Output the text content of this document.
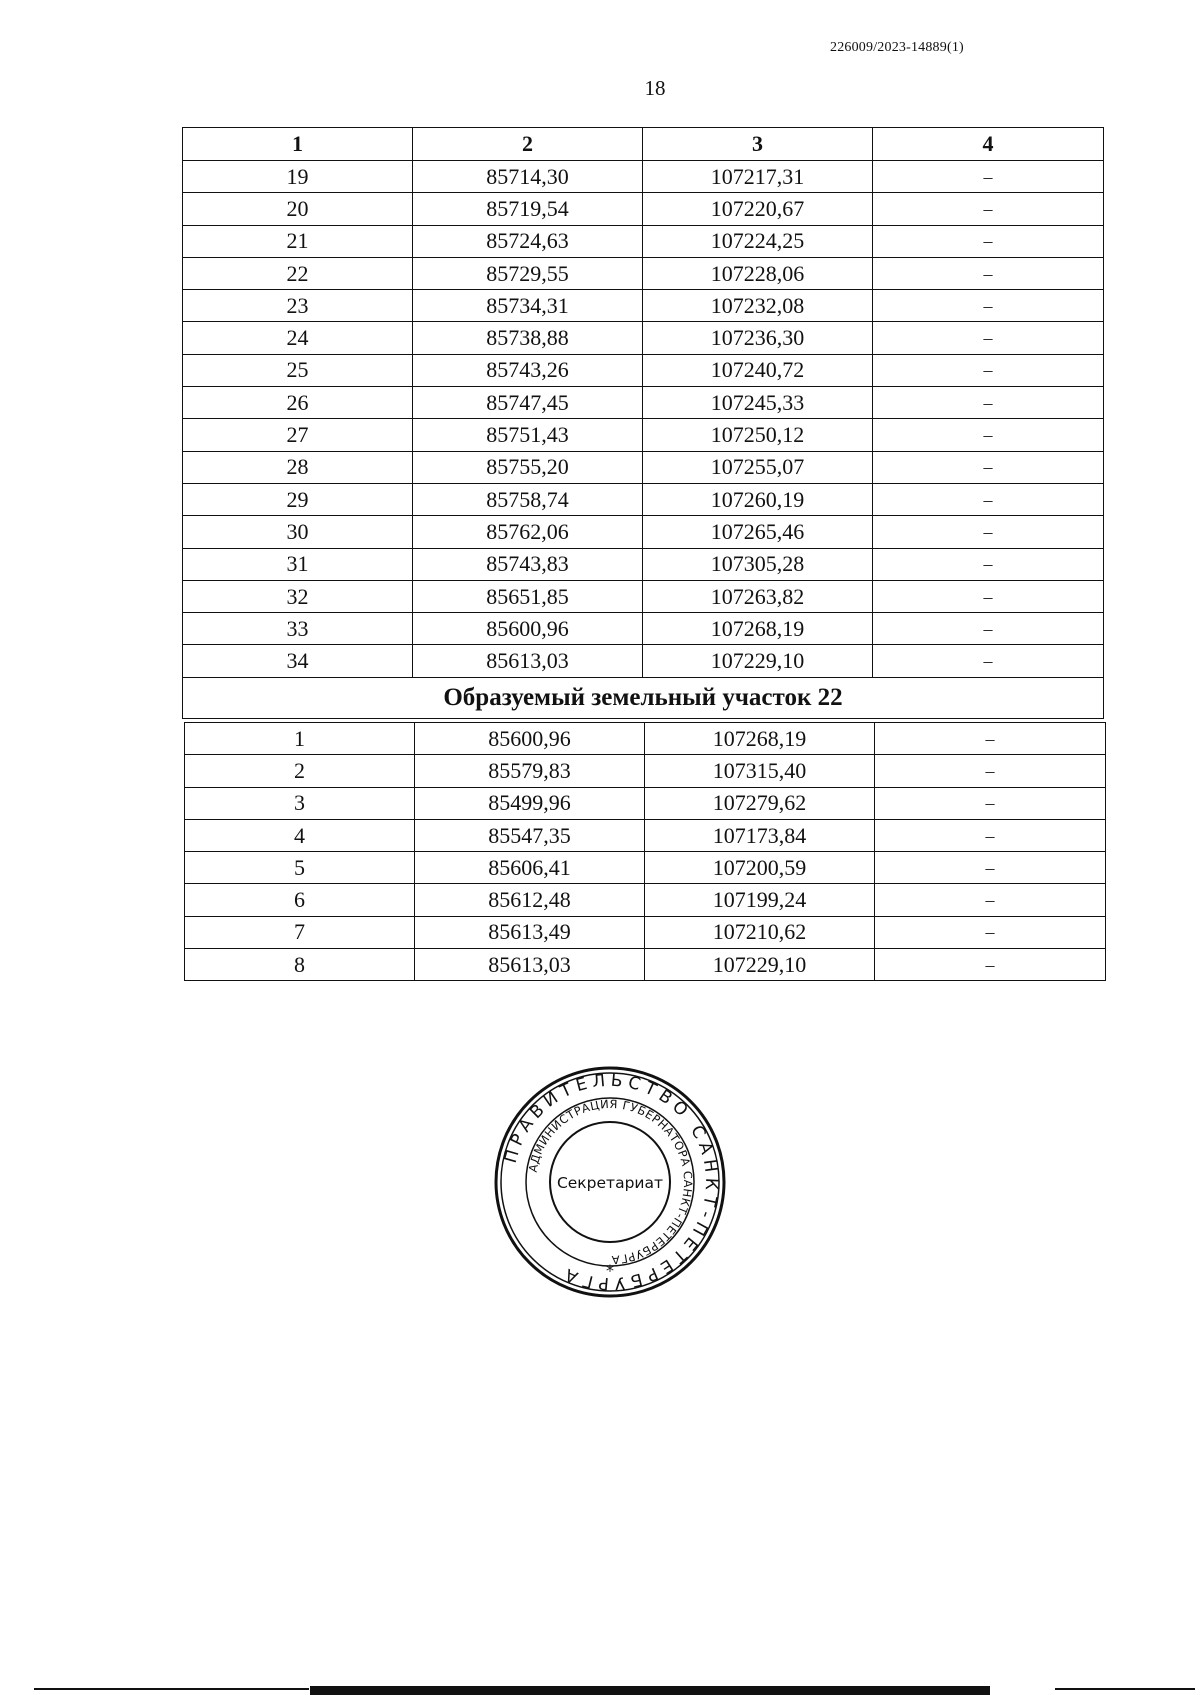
226009/2023-14889(1)
18
1	2	3	4
19	85714,30	107217,31	–
20	85719,54	107220,67	–
21	85724,63	107224,25	–
22	85729,55	107228,06	–
23	85734,31	107232,08	–
24	85738,88	107236,30	–
25	85743,26	107240,72	–
26	85747,45	107245,33	–
27	85751,43	107250,12	–
28	85755,20	107255,07	–
29	85758,74	107260,19	–
30	85762,06	107265,46	–
31	85743,83	107305,28	–
32	85651,85	107263,82	–
33	85600,96	107268,19	–
34	85613,03	107229,10	–
Образуемый земельный участок 22			
1	85600,96	107268,19	–
2	85579,83	107315,40	–
3	85499,96	107279,62	–
4	85547,35	107173,84	–
5	85606,41	107200,59	–
6	85612,48	107199,24	–
7	85613,49	107210,62	–
8	85613,03	107229,10	–
ПРАВИТЕЛЬСТВО САНКТ-ПЕТЕРБУРГА
АДМИНИСТРАЦИЯ ГУБЕРНАТОРА САНКТ-ПЕТЕРБУРГА
Секретариат
*
